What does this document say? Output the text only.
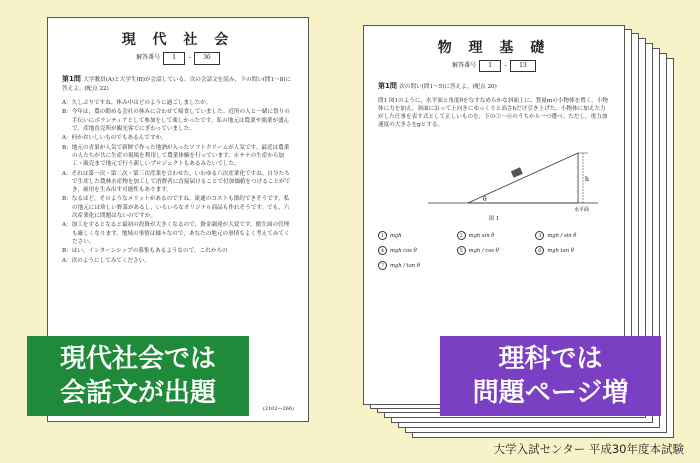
現 代 社 会
解答番号	1	–	36
第1問 大学教員(A)と大学生(B)が会話している。次の会話文を読み，下の問い(問1〜8)に答えよ。(配点 22)

A：久しぶりですね。休み中はどのように過ごしましたか。

B：今年は，農の勤める会社の休みに合わせて帰省していました。近所の人と一緒に祭りの手伝いにボランティアとして参加をして楽しかったです。私の地元は農業や漁業が盛んで，産地直売所が観光客でにぎわっていました。

A：何かおいしいものでもあるんですか。

B：地元の青果が人気で新鮮で作った地酒が入ったソフトクリームが人気です。最近は農業の人たちが共に生産の現場を利用して農業体験を行っています。ホテナの生産から加工・販売まで地元で行う新しいプロジェクトもあるみたいでした。

A：それは第一次・第二次・第三次産業を合わせた，いわゆる六次産業化ですね。自分たちで生産した農林水産物を加工して消費者に直接届けることで付加価値をつけることができ，雇用を生み出す可能性もあります。

B：なるほど。そのようなメリットがあるのですね。流通のコストも節約できそうです。私の地元には珍しい野菜があるし，いろいろなオリジナル商品も作れそうです。でも，六次産業化に問題はないのですか。

A：加工をするとなると最初の投資が大きくなるので，資金調達が大変です。衛生面の管理も厳しくなります。地域の事情は様々なので，あなたの地元の事情もよく考えてみてください。

B：はい。インターンシップの募集もあるようなので，これからの

A：次のようにしてみてください。

(2102―266)
物 理 基 礎
解答番号	1	–	13
第1問 次の問い(問1〜5)に答えよ。(配点 20)
問1 図1のように，水平面と角度θをなすなめらかな斜面上に，質量mの小物体を置く。小物体に力を加え，斜面に沿って上向きにゆっくりと高さhだけ引き上げた。小物体に加えた力がした仕事を表す式として正しいものを，下の①〜⑥のうちから一つ選べ。ただし，重力加速度の大きさをgとする。
h
θ
水平面
図 1
1 mgh	2 mgh sin θ	3 mgh / sin θ
4 mgh cos θ	5 mgh / cos θ	6 mgh tan θ
7 mgh / tan θ
現代社会では
会話文が出題
理科では
問題ページ増
大学入試センター 平成30年度本試験
